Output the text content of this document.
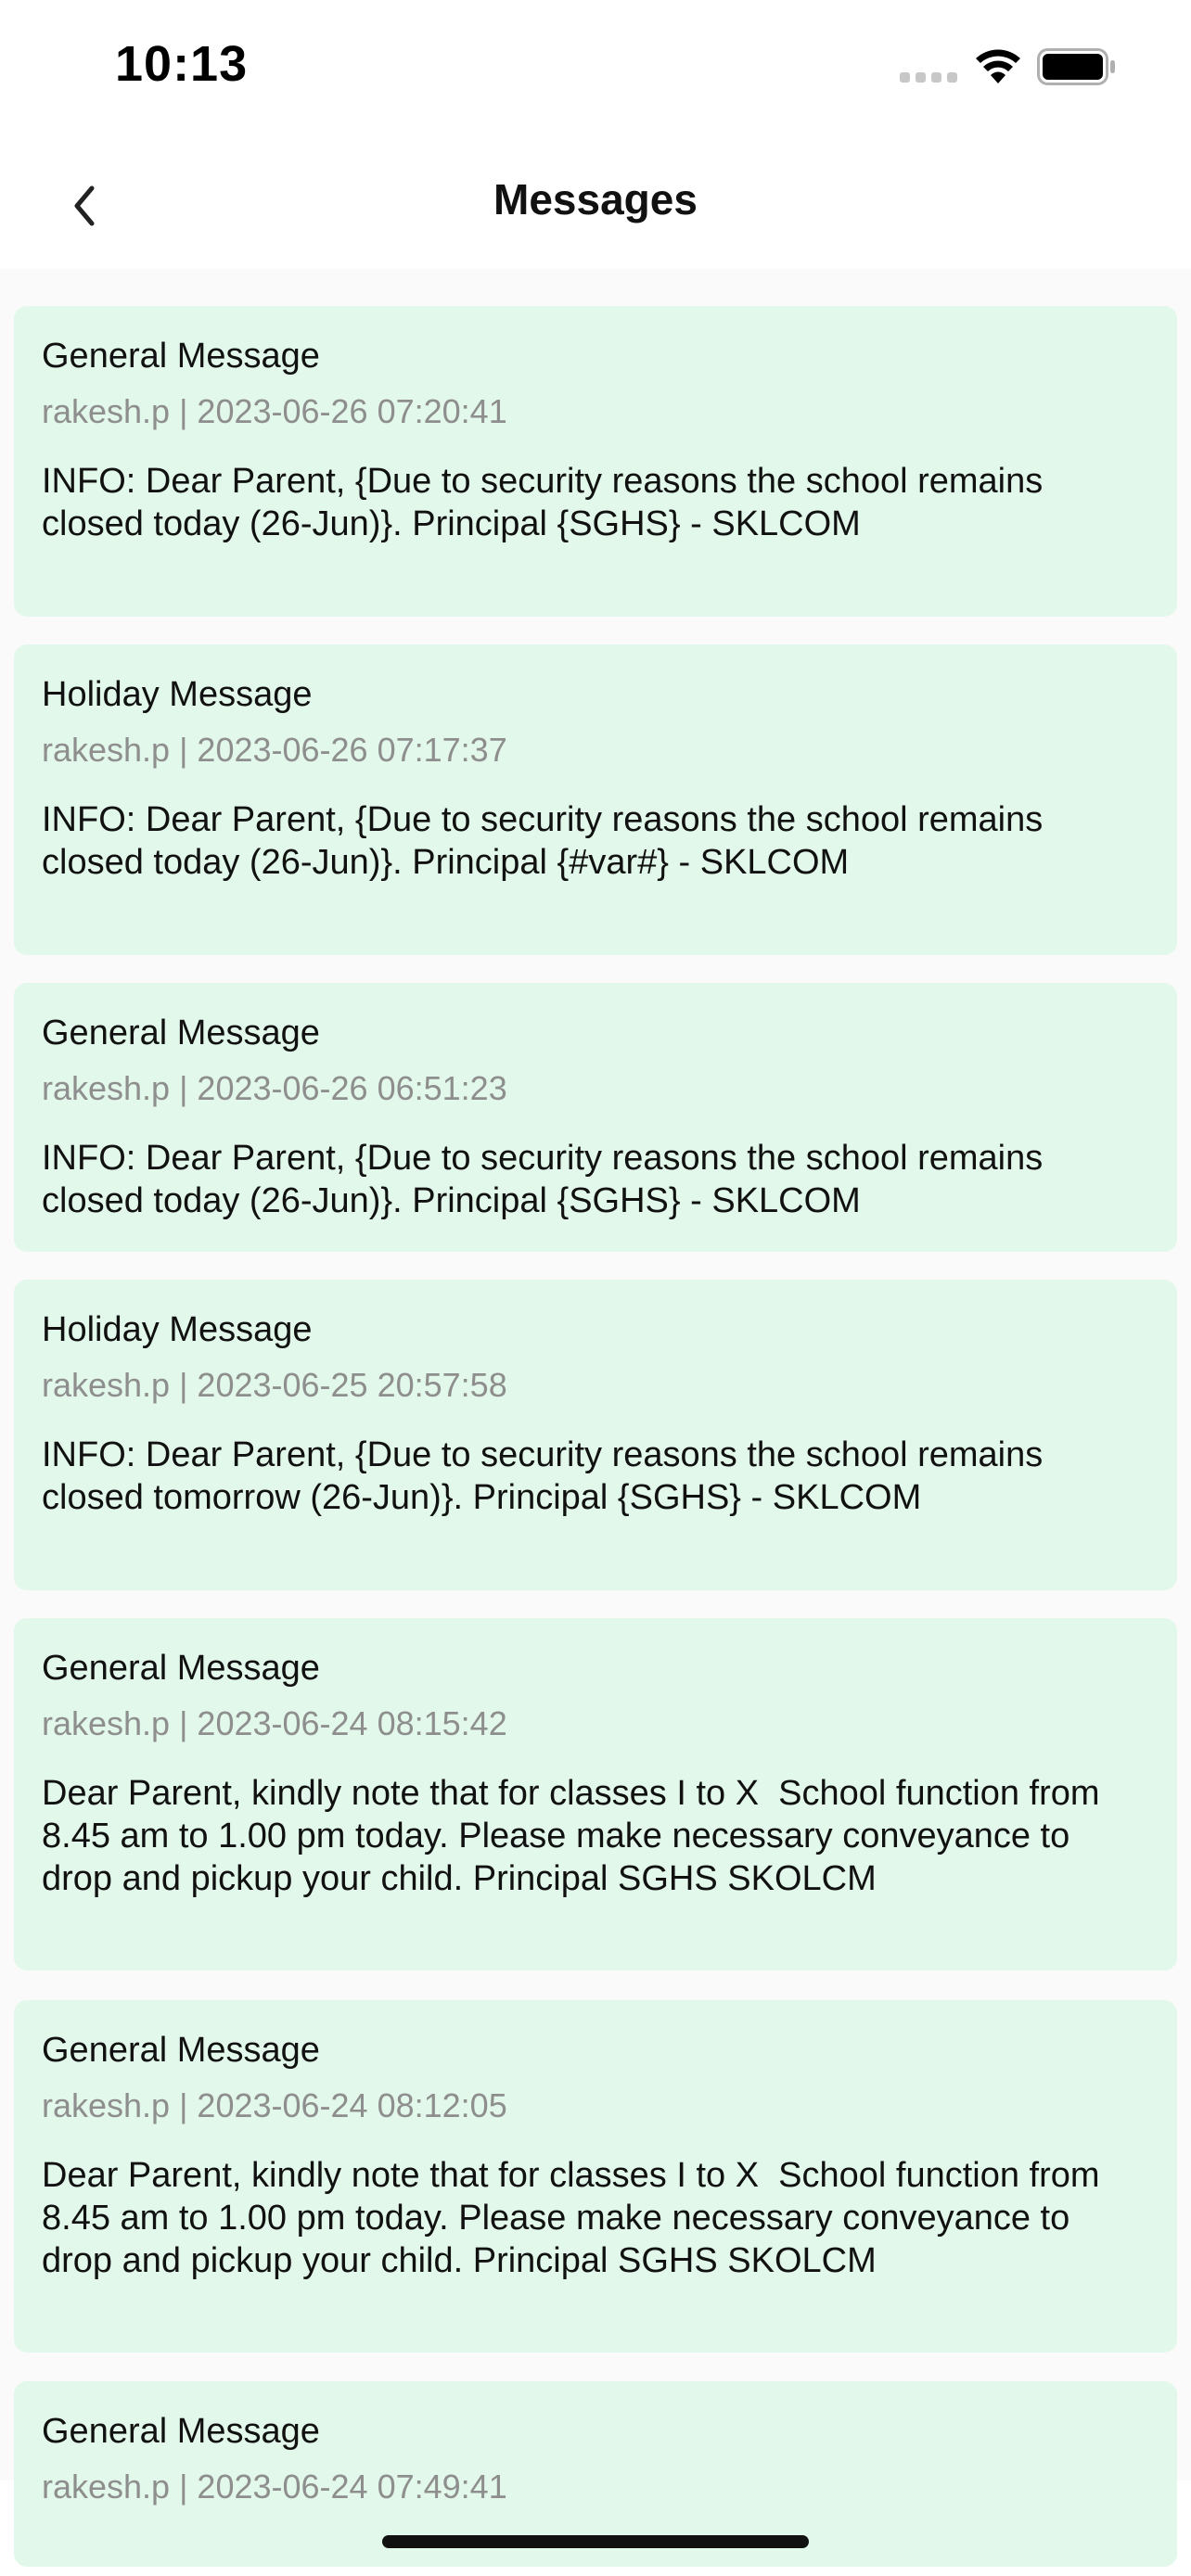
10:13
Messages
General Message
rakesh.p | 2023-06-26 07:20:41
INFO: Dear Parent, {Due to security reasons the school remains closed today (26-Jun)}. Principal {SGHS} - SKLCOM
Holiday Message
rakesh.p | 2023-06-26 07:17:37
INFO: Dear Parent, {Due to security reasons the school remains closed today (26-Jun)}. Principal {#var#} - SKLCOM
General Message
rakesh.p | 2023-06-26 06:51:23
INFO: Dear Parent, {Due to security reasons the school remains closed today (26-Jun)}. Principal {SGHS} - SKLCOM
Holiday Message
rakesh.p | 2023-06-25 20:57:58
INFO: Dear Parent, {Due to security reasons the school remains closed tomorrow (26-Jun)}. Principal {SGHS} - SKLCOM
General Message
rakesh.p | 2023-06-24 08:15:42
Dear Parent, kindly note that for classes I to X  School function from 8.45 am to 1.00 pm today. Please make necessary conveyance to drop and pickup your child. Principal SGHS SKOLCM
General Message
rakesh.p | 2023-06-24 08:12:05
Dear Parent, kindly note that for classes I to X  School function from 8.45 am to 1.00 pm today. Please make necessary conveyance to drop and pickup your child. Principal SGHS SKOLCM
General Message
rakesh.p | 2023-06-24 07:49:41
